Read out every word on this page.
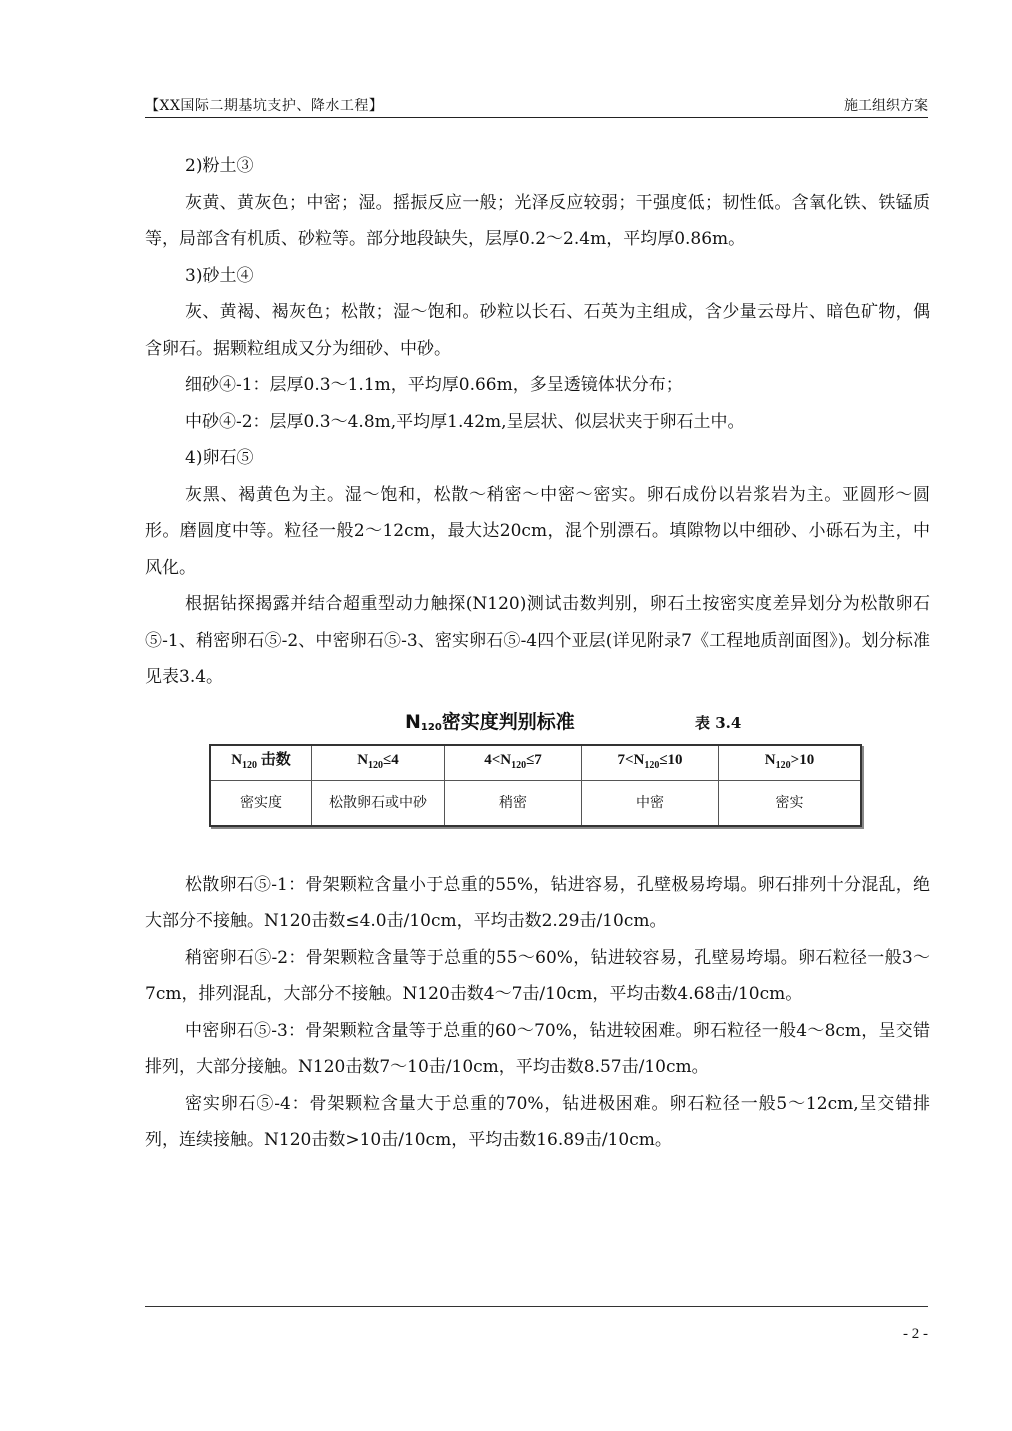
【XX国际二期基坑支护、降水工程】	施工组织方案

2)粉土③

灰黄、黄灰色；中密；湿。摇振反应一般；光泽反应较弱；干强度低；韧性低。含氧化铁、铁锰质等，局部含有机质、砂粒等。部分地段缺失，层厚0.2～2.4m，平均厚0.86m。

3)砂土④

灰、黄褐、褐灰色；松散；湿～饱和。砂粒以长石、石英为主组成，含少量云母片、暗色矿物，偶含卵石。据颗粒组成又分为细砂、中砂。

细砂④-1：层厚0.3～1.1m，平均厚0.66m，多呈透镜体状分布；

中砂④-2：层厚0.3～4.8m,平均厚1.42m,呈层状、似层状夹于卵石土中。

4)卵石⑤

灰黑、褐黄色为主。湿～饱和，松散～稍密～中密～密实。卵石成份以岩浆岩为主。亚圆形～圆形。磨圆度中等。粒径一般2～12cm，最大达20cm，混个别漂石。填隙物以中细砂、小砾石为主，中风化。

根据钻探揭露并结合超重型动力触探(N120)测试击数判别，卵石土按密实度差异划分为松散卵石⑤-1、稍密卵石⑤-2、中密卵石⑤-3、密实卵石⑤-4四个亚层(详见附录7《工程地质剖面图》)。划分标准见表3.4。

$N_{120}$密实度判别标准	表 3.4
$N_{120}$ 击数	$N_{120}\le 4$	$4<N_{120}\le 7$	$7<N_{120}\le 10$	$N_{120}>10$
密实度	松散卵石或中砂	稍密	中密	密实

松散卵石⑤-1：骨架颗粒含量小于总重的55%，钻进容易，孔壁极易垮塌。卵石排列十分混乱，绝大部分不接触。N120击数≤4.0击/10cm，平均击数2.29击/10cm。

稍密卵石⑤-2：骨架颗粒含量等于总重的55～60%，钻进较容易，孔壁易垮塌。卵石粒径一般3～7cm，排列混乱，大部分不接触。N120击数4～7击/10cm，平均击数4.68击/10cm。

中密卵石⑤-3：骨架颗粒含量等于总重的60～70%，钻进较困难。卵石粒径一般4～8cm，呈交错排列，大部分接触。N120击数7～10击/10cm，平均击数8.57击/10cm。

密实卵石⑤-4：骨架颗粒含量大于总重的70%，钻进极困难。卵石粒径一般5～12cm,呈交错排列，连续接触。N120击数>10击/10cm，平均击数16.89击/10cm。

- 2 -
